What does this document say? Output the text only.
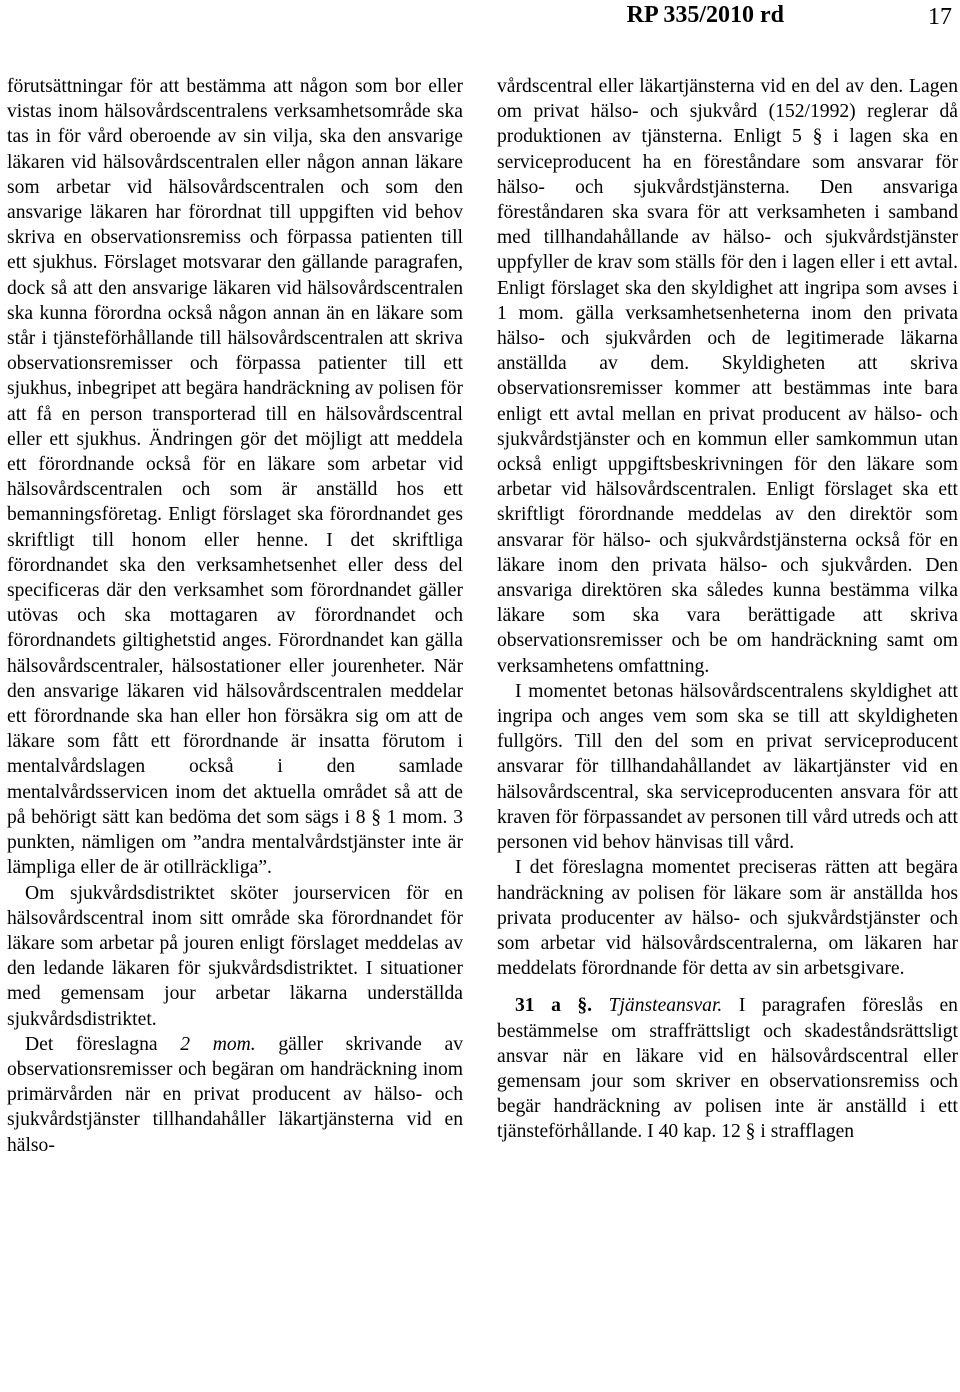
RP 335/2010 rd	17

förutsättningar för att bestämma att någon som bor eller vistas inom hälsovårdscentralens verksamhetsområde ska tas in för vård oberoende av sin vilja, ska den ansvarige läkaren vid hälsovårdscentralen eller någon annan läkare som arbetar vid hälsovårdscentralen och som den ansvarige läkaren har förordnat till uppgiften vid behov skriva en observationsremiss och förpassa patienten till ett sjukhus. Förslaget motsvarar den gällande paragrafen, dock så att den ansvarige läkaren vid hälsovårdscentralen ska kunna förordna också någon annan än en läkare som står i tjänsteförhållande till hälsovårdscentralen att skriva observationsremisser och förpassa patienter till ett sjukhus, inbegripet att begära handräckning av polisen för att få en person transporterad till en hälsovårdscentral eller ett sjukhus. Ändringen gör det möjligt att meddela ett förordnande också för en läkare som arbetar vid hälsovårdscentralen och som är anställd hos ett bemanningsföretag. Enligt förslaget ska förordnandet ges skriftligt till honom eller henne. I det skriftliga förordnandet ska den verksamhetsenhet eller dess del specificeras där den verksamhet som förordnandet gäller utövas och ska mottagaren av förordnandet och förordnandets giltighetstid anges. Förordnandet kan gälla hälsovårdscentraler, hälsostationer eller jourenheter. När den ansvarige läkaren vid hälsovårdscentralen meddelar ett förordnande ska han eller hon försäkra sig om att de läkare som fått ett förordnande är insatta förutom i mentalvårdslagen också i den samlade mentalvårdsservicen inom det aktuella området så att de på behörigt sätt kan bedöma det som sägs i 8 § 1 mom. 3 punkten, nämligen om ”andra mentalvårdstjänster inte är lämpliga eller de är otillräckliga”.

Om sjukvårdsdistriktet sköter jourservicen för en hälsovårdscentral inom sitt område ska förordnandet för läkare som arbetar på jouren enligt förslaget meddelas av den ledande läkaren för sjukvårdsdistriktet. I situationer med gemensam jour arbetar läkarna underställda sjukvårdsdistriktet.

Det föreslagna 2 mom. gäller skrivande av observationsremisser och begäran om handräckning inom primärvården när en privat producent av hälso- och sjukvårdstjänster tillhandahåller läkartjänsterna vid en hälso-

vårdscentral eller läkartjänsterna vid en del av den. Lagen om privat hälso- och sjukvård (152/1992) reglerar då produktionen av tjänsterna. Enligt 5 § i lagen ska en serviceproducent ha en föreståndare som ansvarar för hälso- och sjukvårdstjänsterna. Den ansvariga föreståndaren ska svara för att verksamheten i samband med tillhandahållande av hälso- och sjukvårdstjänster uppfyller de krav som ställs för den i lagen eller i ett avtal. Enligt förslaget ska den skyldighet att ingripa som avses i 1 mom. gälla verksamhetsenheterna inom den privata hälso- och sjukvården och de legitimerade läkarna anställda av dem. Skyldigheten att skriva observationsremisser kommer att bestämmas inte bara enligt ett avtal mellan en privat producent av hälso- och sjukvårdstjänster och en kommun eller samkommun utan också enligt uppgiftsbeskrivningen för den läkare som arbetar vid hälsovårdscentralen. Enligt förslaget ska ett skriftligt förordnande meddelas av den direktör som ansvarar för hälso- och sjukvårdstjänsterna också för en läkare inom den privata hälso- och sjukvården. Den ansvariga direktören ska således kunna bestämma vilka läkare som ska vara berättigade att skriva observationsremisser och be om handräckning samt om verksamhetens omfattning.

I momentet betonas hälsovårdscentralens skyldighet att ingripa och anges vem som ska se till att skyldigheten fullgörs. Till den del som en privat serviceproducent ansvarar för tillhandahållandet av läkartjänster vid en hälsovårdscentral, ska serviceproducenten ansvara för att kraven för förpassandet av personen till vård utreds och att personen vid behov hänvisas till vård.

I det föreslagna momentet preciseras rätten att begära handräckning av polisen för läkare som är anställda hos privata producenter av hälso- och sjukvårdstjänster och som arbetar vid hälsovårdscentralerna, om läkaren har meddelats förordnande för detta av sin arbetsgivare.

31 a §. Tjänsteansvar. I paragrafen föreslås en bestämmelse om straffrättsligt och skadeståndsrättsligt ansvar när en läkare vid en hälsovårdscentral eller gemensam jour som skriver en observationsremiss och begär handräckning av polisen inte är anställd i ett tjänsteförhållande. I 40 kap. 12 § i strafflagen
